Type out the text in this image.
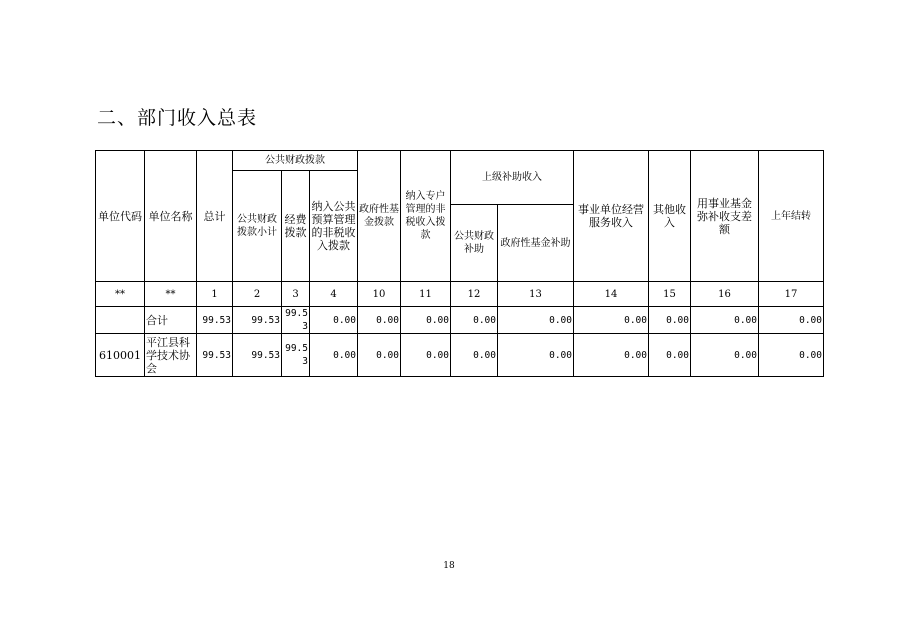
二、部门收入总表
单位代码	单位名称	总计	公共财政拨款			政府性基金拨款	纳入专户管理的非税收入拨款	上级补助收入		事业单位经营服务收入	其他收入	用事业基金弥补收支差额	上年结转
			公共财政拨款小计	经费拨款	纳入公共预算管理的非税收入拨款								
								公共财政补助	政府性基金补助				
**	**	1	2	3	4	10	11	12	13	14	15	16	17
	合计	99.53	99.53	99.53	0.00	0.00	0.00	0.00	0.00	0.00	0.00	0.00	0.00
610001	平江县科学技术协会	99.53	99.53	99.53	0.00	0.00	0.00	0.00	0.00	0.00	0.00	0.00	0.00
18
